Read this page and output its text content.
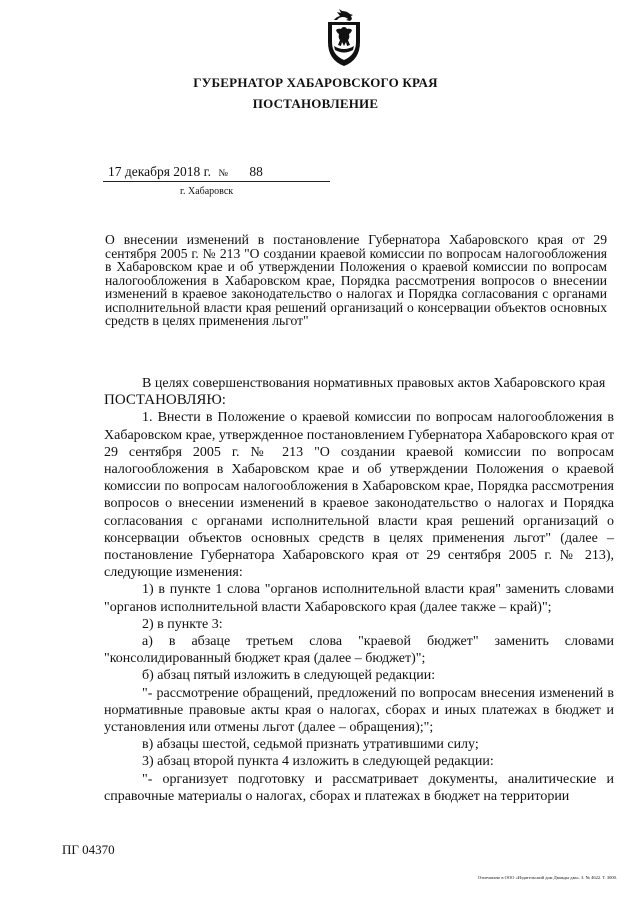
ГУБЕРНАТОР ХАБАРОВСКОГО КРАЯ
ПОСТАНОВЛЕНИЕ
17 декабря 2018 г. № 88
г. Хабаровск

О внесении изменений в постановление Губернатора Хабаровского края от 29 сентября 2005 г. № 213 "О создании краевой комиссии по вопросам налогообложения в Хабаровском крае и об утверждении Положения о краевой комиссии по вопросам налогообложения в Хабаровском крае, Порядка рассмотрения вопросов о внесении изменений в краевое законодательство о налогах и Порядка согласования с органами исполнительной власти края решений организаций о консервации объектов основных средств в целях применения льгот"

В целях совершенствования нормативных правовых актов Хабаровского края

ПОСТАНОВЛЯЮ:

1. Внести в Положение о краевой комиссии по вопросам налогообложения в Хабаровском крае, утвержденное постановлением Губернатора Хабаровского края от 29 сентября 2005 г. № 213 "О создании краевой комиссии по вопросам налогообложения в Хабаровском крае и об утверждении Положения о краевой комиссии по вопросам налогообложения в Хабаровском крае, Порядка рассмотрения вопросов о внесении изменений в краевое законодательство о налогах и Порядка согласования с органами исполнительной власти края решений организаций о консервации объектов основных средств в целях применения льгот" (далее – постановление Губернатора Хабаровского края от 29 сентября 2005 г. № 213), следующие изменения:

1) в пункте 1 слова "органов исполнительной власти края" заменить словами "органов исполнительной власти Хабаровского края (далее также – край)";

2) в пункте 3:

а) в абзаце третьем слова "краевой бюджет" заменить словами "консолидированный бюджет края (далее – бюджет)";

б) абзац пятый изложить в следующей редакции:

"- рассмотрение обращений, предложений по вопросам внесения изменений в нормативные правовые акты края о налогах, сборах и иных платежах в бюджет и установления или отмены льгот (далее – обращения);";

в) абзацы шестой, седьмой признать утратившими силу;

3) абзац второй пункта 4 изложить в следующей редакции:

"- организует подготовку и рассматривает документы, аналитические и справочные материалы о налогах, сборах и платежах в бюджет на территории

ПГ 04370
Отпечатано в ООО «Издательский дом Дважды два». З. № 4622. Т. 3000.
